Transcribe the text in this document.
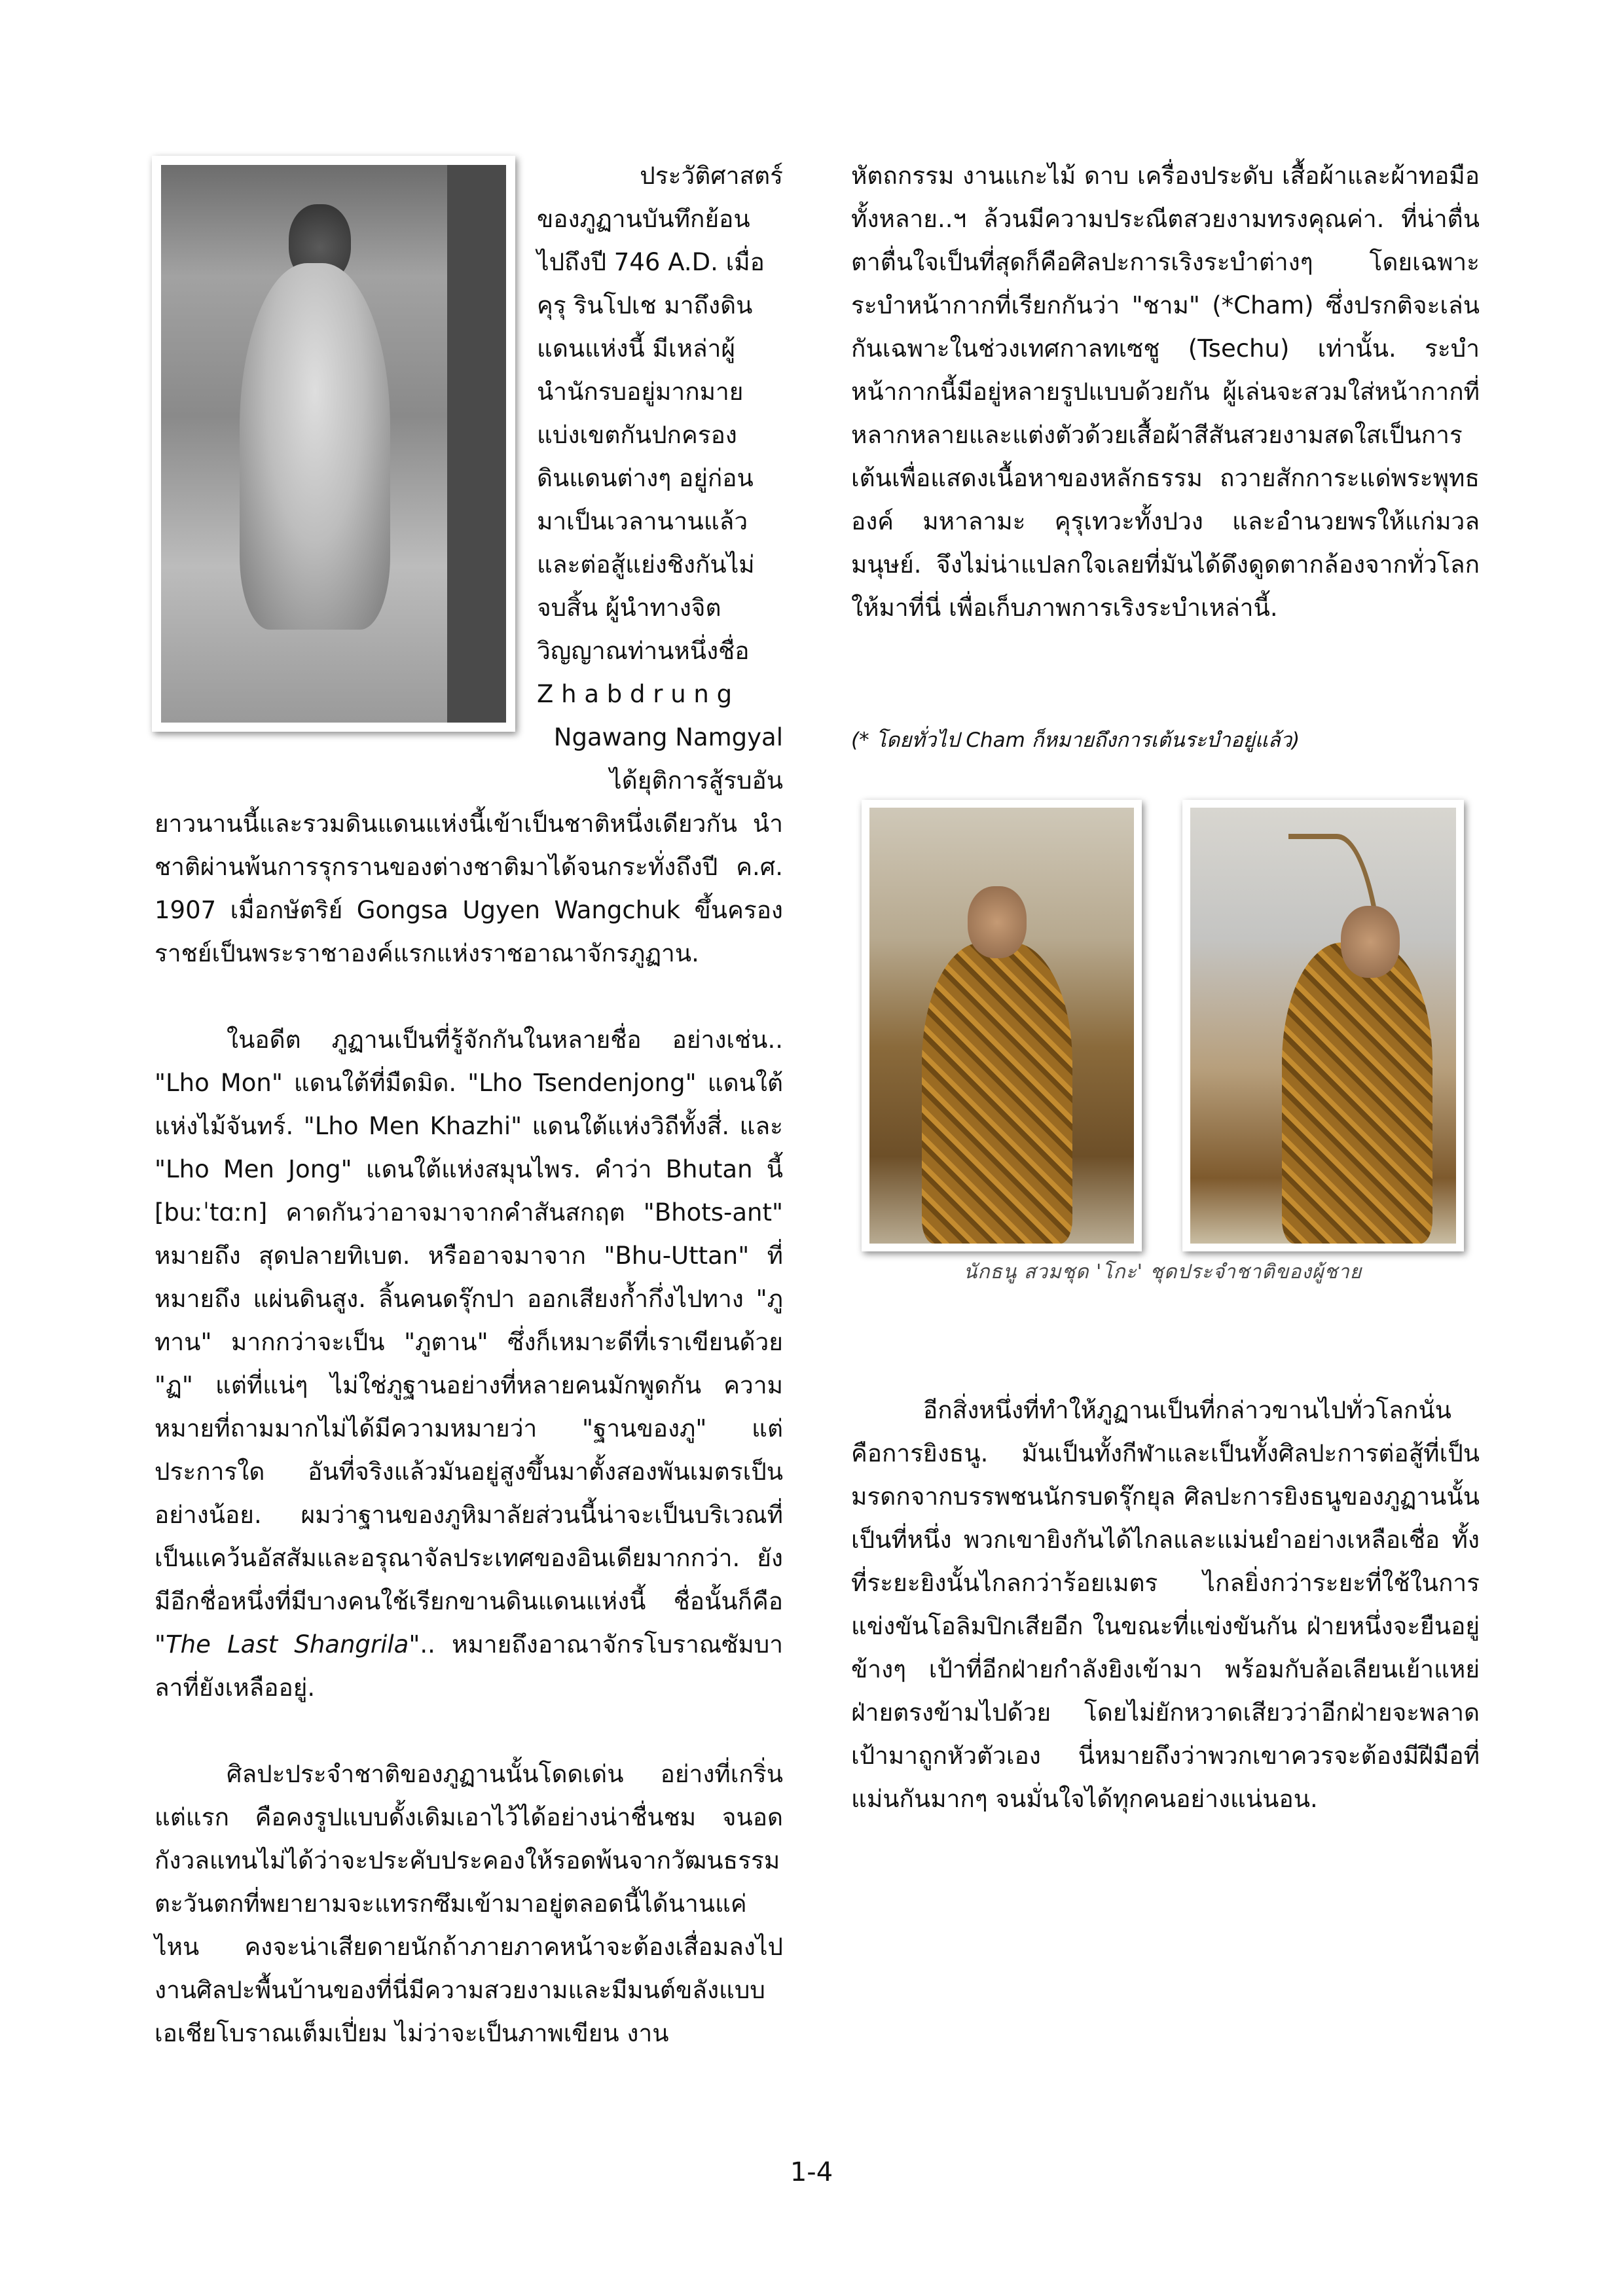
ประวัติศาสตร์

ของภูฏานบันทึกย้อน

ไปถึงปี 746 A.D. เมื่อ

คุรุ รินโปเช มาถึงดิน

แดนแห่งนี้ มีเหล่าผู้

นำนักรบอยู่มากมาย

แบ่งเขตกันปกครอง

ดินแดนต่างๆ อยู่ก่อน

มาเป็นเวลานานแล้ว

และต่อสู้แย่งชิงกันไม่

จบสิ้น ผู้นำทางจิต

วิญญาณท่านหนึ่งชื่อ

Z h a b d r u n g

Ngawang Namgyal

ได้ยุติการสู้รบอัน

ยาวนานนี้และรวมดินแดนแห่งนี้เข้าเป็นชาติหนึ่งเดียวกัน นำชาติผ่านพ้นการรุกรานของต่างชาติมาได้จนกระทั่งถึงปี ค.ศ. 1907 เมื่อกษัตริย์ Gongsa Ugyen Wangchuk ขึ้นครองราชย์เป็นพระราชาองค์แรกแห่งราชอาณาจักรภูฏาน.

ในอดีต ภูฏานเป็นที่รู้จักกันในหลายชื่อ อย่างเช่น.. "Lho Mon" แดนใต้ที่มืดมิด. "Lho Tsendenjong" แดนใต้แห่งไม้จันทร์. "Lho Men Khazhi" แดนใต้แห่งวิถีทั้งสี่. และ "Lho Men Jong" แดนใต้แห่งสมุนไพร. คำว่า Bhutan นี้ [buːˈtɑːn] คาดกันว่าอาจมาจากคำสันสกฤต "Bhots-ant" หมายถึง สุดปลายทิเบต. หรืออาจมาจาก "Bhu-Uttan" ที่หมายถึง แผ่นดินสูง. ลิ้นคนดรุ๊กปา ออกเสียงก้ำกึ่งไปทาง "ภูทาน" มากกว่าจะเป็น "ภูตาน" ซึ่งก็เหมาะดีที่เราเขียนด้วย "ฏ" แต่ที่แน่ๆ ไม่ใช่ภูฐานอย่างที่หลายคนมักพูดกัน ความหมายที่ถามมากไม่ได้มีความหมายว่า "ฐานของภู" แต่ประการใด อันที่จริงแล้วมันอยู่สูงขึ้นมาตั้งสองพันเมตรเป็นอย่างน้อย. ผมว่าฐานของภูหิมาลัยส่วนนี้น่าจะเป็นบริเวณที่เป็นแคว้นอัสสัมและอรุณาจัลประเทศของอินเดียมากกว่า. ยังมีอีกชื่อหนึ่งที่มีบางคนใช้เรียกขานดินแดนแห่งนี้ ชื่อนั้นก็คือ "The Last Shangrila".. หมายถึงอาณาจักรโบราณซัมบาลาที่ยังเหลืออยู่.

ศิลปะประจำชาติของภูฏานนั้นโดดเด่น อย่างที่เกริ่นแต่แรก คือคงรูปแบบดั้งเดิมเอาไว้ได้อย่างน่าชื่นชม จนอดกังวลแทนไม่ได้ว่าจะประคับประคองให้รอดพ้นจากวัฒนธรรมตะวันตกที่พยายามจะแทรกซึมเข้ามาอยู่ตลอดนี้ได้นานแค่ไหน คงจะน่าเสียดายนักถ้าภายภาคหน้าจะต้องเสื่อมลงไป งานศิลปะพื้นบ้านของที่นี่มีความสวยงามและมีมนต์ขลังแบบเอเชียโบราณเต็มเปี่ยม ไม่ว่าจะเป็นภาพเขียน งาน

หัตถกรรม งานแกะไม้ ดาบ เครื่องประดับ เสื้อผ้าและผ้าทอมือทั้งหลาย..ฯ ล้วนมีความประณีตสวยงามทรงคุณค่า. ที่น่าตื่นตาตื่นใจเป็นที่สุดก็คือศิลปะการเริงระบำต่างๆ โดยเฉพาะระบำหน้ากากที่เรียกกันว่า "ชาม" (*Cham) ซึ่งปรกติจะเล่นกันเฉพาะในช่วงเทศกาลทเซชู (Tsechu) เท่านั้น. ระบำหน้ากากนี้มีอยู่หลายรูปแบบด้วยกัน ผู้เล่นจะสวมใส่หน้ากากที่หลากหลายและแต่งตัวด้วยเสื้อผ้าสีสันสวยงามสดใสเป็นการเต้นเพื่อแสดงเนื้อหาของหลักธรรม ถวายสักการะแด่พระพุทธองค์ มหาลามะ คุรุเทวะทั้งปวง และอำนวยพรให้แก่มวลมนุษย์. จึงไม่น่าแปลกใจเลยที่มันได้ดึงดูดตากล้องจากทั่วโลกให้มาที่นี่ เพื่อเก็บภาพการเริงระบำเหล่านี้.

(* โดยทั่วไป Cham ก็หมายถึงการเต้นระบำอยู่แล้ว)
นักธนู สวมชุด 'โกะ' ชุดประจำชาติของผู้ชาย

อีกสิ่งหนึ่งที่ทำให้ภูฏานเป็นที่กล่าวขานไปทั่วโลกนั่นคือการยิงธนู. มันเป็นทั้งกีฬาและเป็นทั้งศิลปะการต่อสู้ที่เป็นมรดกจากบรรพชนนักรบดรุ๊กยุล ศิลปะการยิงธนูของภูฏานนั้นเป็นที่หนึ่ง พวกเขายิงกันได้ไกลและแม่นยำอย่างเหลือเชื่อ ทั้งที่ระยะยิงนั้นไกลกว่าร้อยเมตร ไกลยิ่งกว่าระยะที่ใช้ในการแข่งขันโอลิมปิกเสียอีก ในขณะที่แข่งขันกัน ฝ่ายหนึ่งจะยืนอยู่ข้างๆ เป้าที่อีกฝ่ายกำลังยิงเข้ามา พร้อมกับล้อเลียนเย้าแหย่ฝ่ายตรงข้ามไปด้วย โดยไม่ยักหวาดเสียวว่าอีกฝ่ายจะพลาดเป้ามาถูกหัวตัวเอง นี่หมายถึงว่าพวกเขาควรจะต้องมีฝีมือที่แม่นกันมากๆ จนมั่นใจได้ทุกคนอย่างแน่นอน.

1-4
